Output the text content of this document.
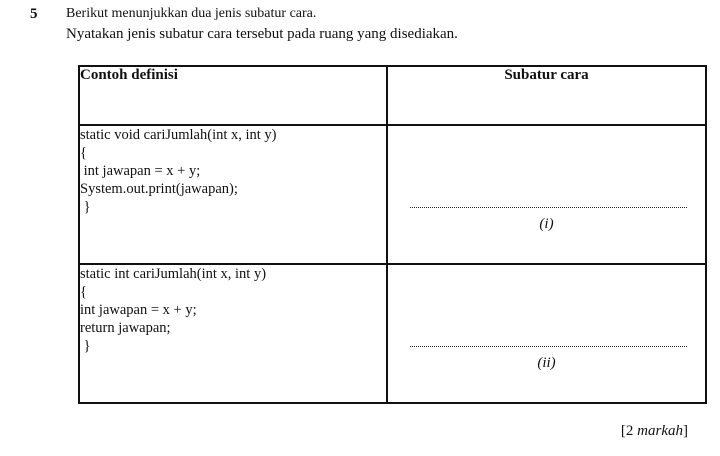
5 Berikut menunjukkan dua jenis subatur cara.
Nyatakan jenis subatur cara tersebut pada ruang yang disediakan.
Contoh definisi	Subatur cara

static void cariJumlah(int x, int y)
{
int jawapan = x + y;
System.out.print(jawapan);
}	(i)

static int cariJumlah(int x, int y)
{
int jawapan = x + y;
return jawapan;
}	(ii)
[2 markah]
